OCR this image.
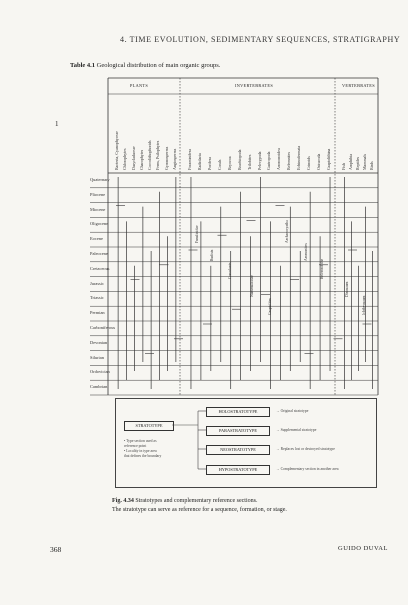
4. TIME EVOLUTION, SEDIMENTARY SEQUENCES, STRATIGRAPHY
1
Table 4.1 Geological distribution of main organic groups.
PLANTS	INVERTEBRATES	VERTEBRATES
Quaternary
Pliocene
Miocene
Oligocene
Eocene
Paleocene
Cretaceous
Jurassic
Triassic
Permian
Carboniferous
Devonian
Silurian
Ordovician
Cambrian
Bacteria, Cyanophyceae Chlorophytes Dasycladaceae Charophytes Coccolithophorids Ferns, Psilophytes Gymnosperms Angiosperms	Foraminifera Radiolaria Porifera Corals Bryozoa Brachiopoda Trilobites Pelecypoda Gastropoda Ammonoidea Belemnites Echinodermata Crinoids Ostracoda Graptolithina Fish Amphibia Reptiles Mammals Birds
Fusulinidae
Rudists
Conodonts
Nummulitidae
Graptolites
Archaeocyatha
Ammonites
Belemnitidae
Dinosaurs
Ichthyosaurs
STRATOTYPE
• Type section used as
reference point
• Locality in type area
that defines the boundary
HOLOSTRATOTYPE
PARASTRATOTYPE
NEOSTRATOTYPE
HYPOSTRATOTYPE
→ Original stratotype
→ Supplemental stratotype
→ Replaces lost or destroyed stratotype
→ Complementary section in another area
Fig. 4.34 Stratotypes and complementary reference sections.
The stratotype can serve as reference for a sequence, formation, or stage.
368	GUIDO DUVAL
